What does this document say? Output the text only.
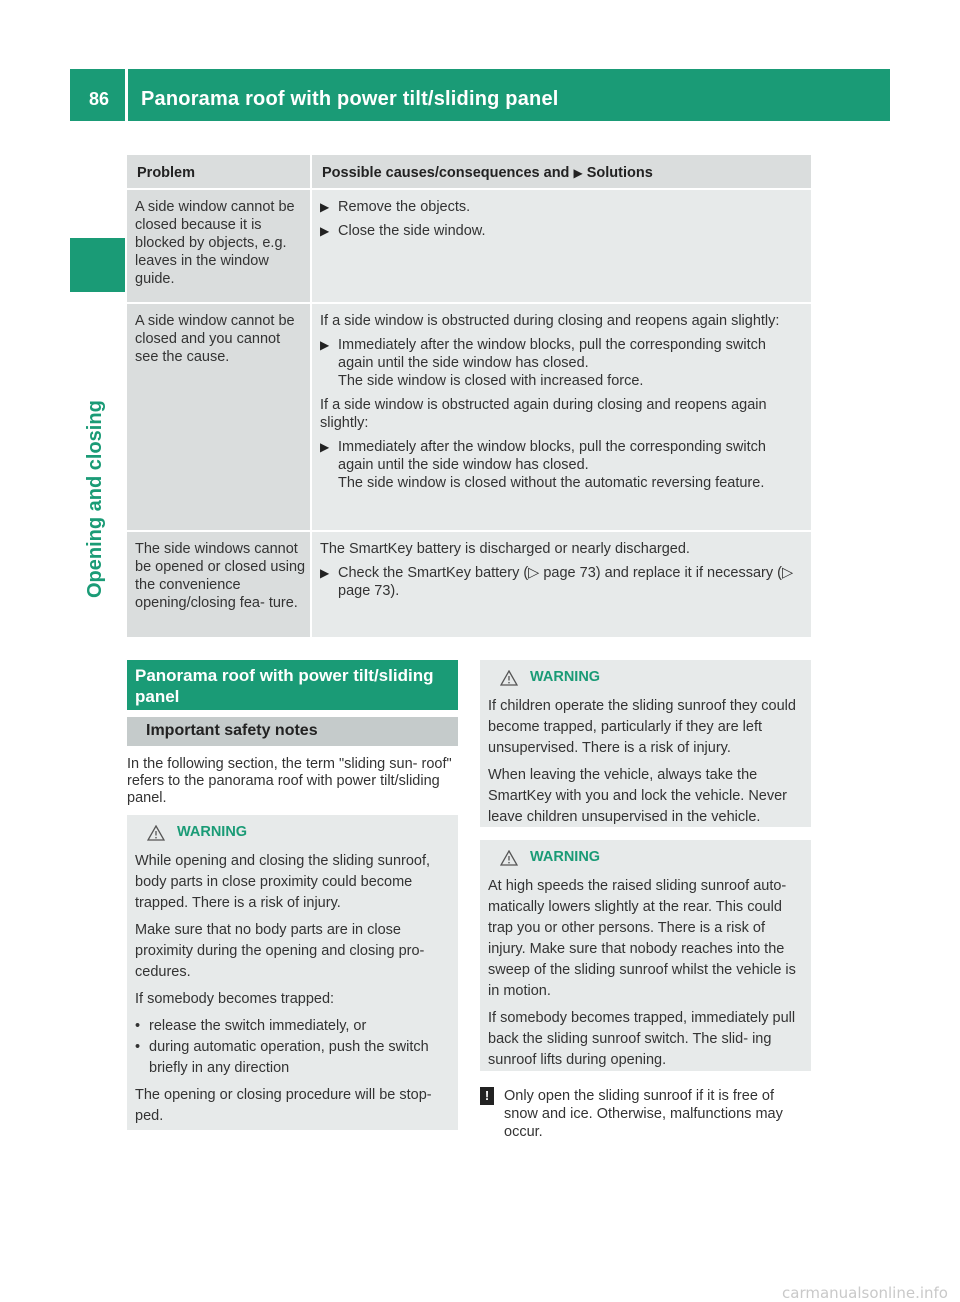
86 Panorama roof with power tilt/sliding panel
Opening and closing
Problem	Possible causes/consequences and ▶ Solutions
A side window cannot be closed because it is blocked by objects, e.g. leaves in the window guide.
▶ Remove the objects.
▶ Close the side window.
A side window cannot be closed and you cannot see the cause.

If a side window is obstructed during closing and reopens again slightly:

▶ Immediately after the window blocks, pull the corresponding switch again until the side window has closed.
The side window is closed with increased force.

If a side window is obstructed again during closing and reopens again slightly:

▶ Immediately after the window blocks, pull the corresponding switch again until the side window has closed.
The side window is closed without the automatic reversing feature.
The side windows cannot be opened or closed using the convenience opening/closing fea- ture.

The SmartKey battery is discharged or nearly discharged.

▶ Check the SmartKey battery (▷ page 73) and replace it if necessary (▷ page 73).
Panorama roof with power tilt/sliding panel
Important safety notes
In the following section, the term "sliding sun- roof" refers to the panorama roof with power tilt/sliding panel.
WARNING

While opening and closing the sliding sunroof, body parts in close proximity could become trapped. There is a risk of injury.

Make sure that no body parts are in close proximity during the opening and closing pro- cedures.

If somebody becomes trapped:

• release the switch immediately, or
• during automatic operation, push the switch briefly in any direction

The opening or closing procedure will be stop- ped.

WARNING

If children operate the sliding sunroof they could become trapped, particularly if they are left unsupervised. There is a risk of injury.

When leaving the vehicle, always take the SmartKey with you and lock the vehicle. Never leave children unsupervised in the vehicle.

WARNING

At high speeds the raised sliding sunroof auto- matically lowers slightly at the rear. This could trap you or other persons. There is a risk of injury. Make sure that nobody reaches into the sweep of the sliding sunroof whilst the vehicle is in motion.

If somebody becomes trapped, immediately pull back the sliding sunroof switch. The slid- ing sunroof lifts during opening.

!	Only open the sliding sunroof if it is free of snow and ice. Otherwise, malfunctions may occur.
carmanualsonline.info
